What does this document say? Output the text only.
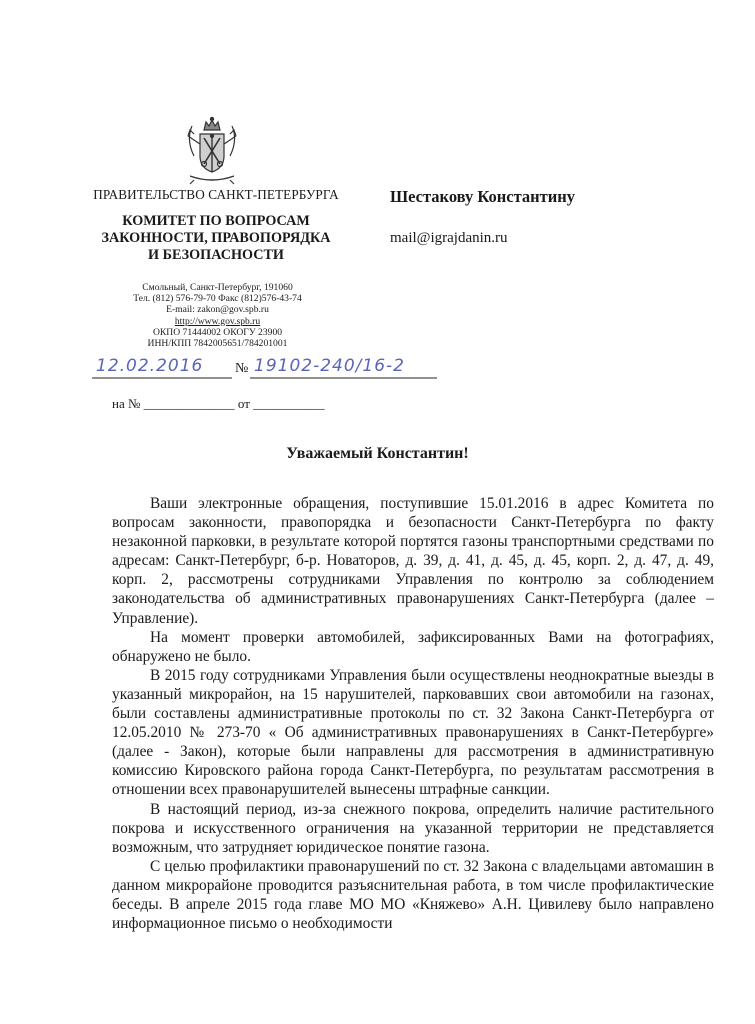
ПРАВИТЕЛЬСТВО САНКТ-ПЕТЕРБУРГА
КОМИТЕТ ПО ВОПРОСАМ
ЗАКОННОСТИ, ПРАВОПОРЯДКА
И БЕЗОПАСНОСТИ
Смольный, Санкт-Петербург, 191060
Тел. (812) 576-79-70 Факс (812)576-43-74
E-mail: zakon@gov.spb.ru
http://www.gov.spb.ru
ОКПО 71444002 ОКОГУ 23900
ИНН/КПП 7842005651/784201001
Шестакову Константину
mail@igrajdanin.ru
12.02.2016 № 19102-240/16-2
на № ______________ от ___________
Уважаемый Константин!

Ваши электронные обращения, поступившие 15.01.2016 в адрес Комитета по вопросам законности, правопорядка и безопасности Санкт-Петербурга по факту незаконной парковки, в результате которой портятся газоны транспортными средствами по адресам: Санкт-Петербург, б-р. Новаторов, д. 39, д. 41, д. 45, д. 45, корп. 2, д. 47, д. 49, корп. 2, рассмотрены сотрудниками Управления по контролю за соблюдением законодательства об административных правонарушениях Санкт-Петербурга (далее – Управление).

На момент проверки автомобилей, зафиксированных Вами на фотографиях, обнаружено не было.

В 2015 году сотрудниками Управления были осуществлены неоднократные выезды в указанный микрорайон, на 15 нарушителей, парковавших свои автомобили на газонах, были составлены административные протоколы по ст. 32 Закона Санкт-Петербурга от 12.05.2010 № 273-70 « Об административных правонарушениях в Санкт-Петербурге» (далее - Закон), которые были направлены для рассмотрения в административную комиссию Кировского района города Санкт-Петербурга, по результатам рассмотрения в отношении всех правонарушителей вынесены штрафные санкции.

В настоящий период, из-за снежного покрова, определить наличие растительного покрова и искусственного ограничения на указанной территории не представляется возможным, что затрудняет юридическое понятие газона.

С целью профилактики правонарушений по ст. 32 Закона с владельцами автомашин в данном микрорайоне проводится разъяснительная работа, в том числе профилактические беседы. В апреле 2015 года главе МО МО «Княжево» А.Н. Цивилеву было направлено информационное письмо о необходимости
